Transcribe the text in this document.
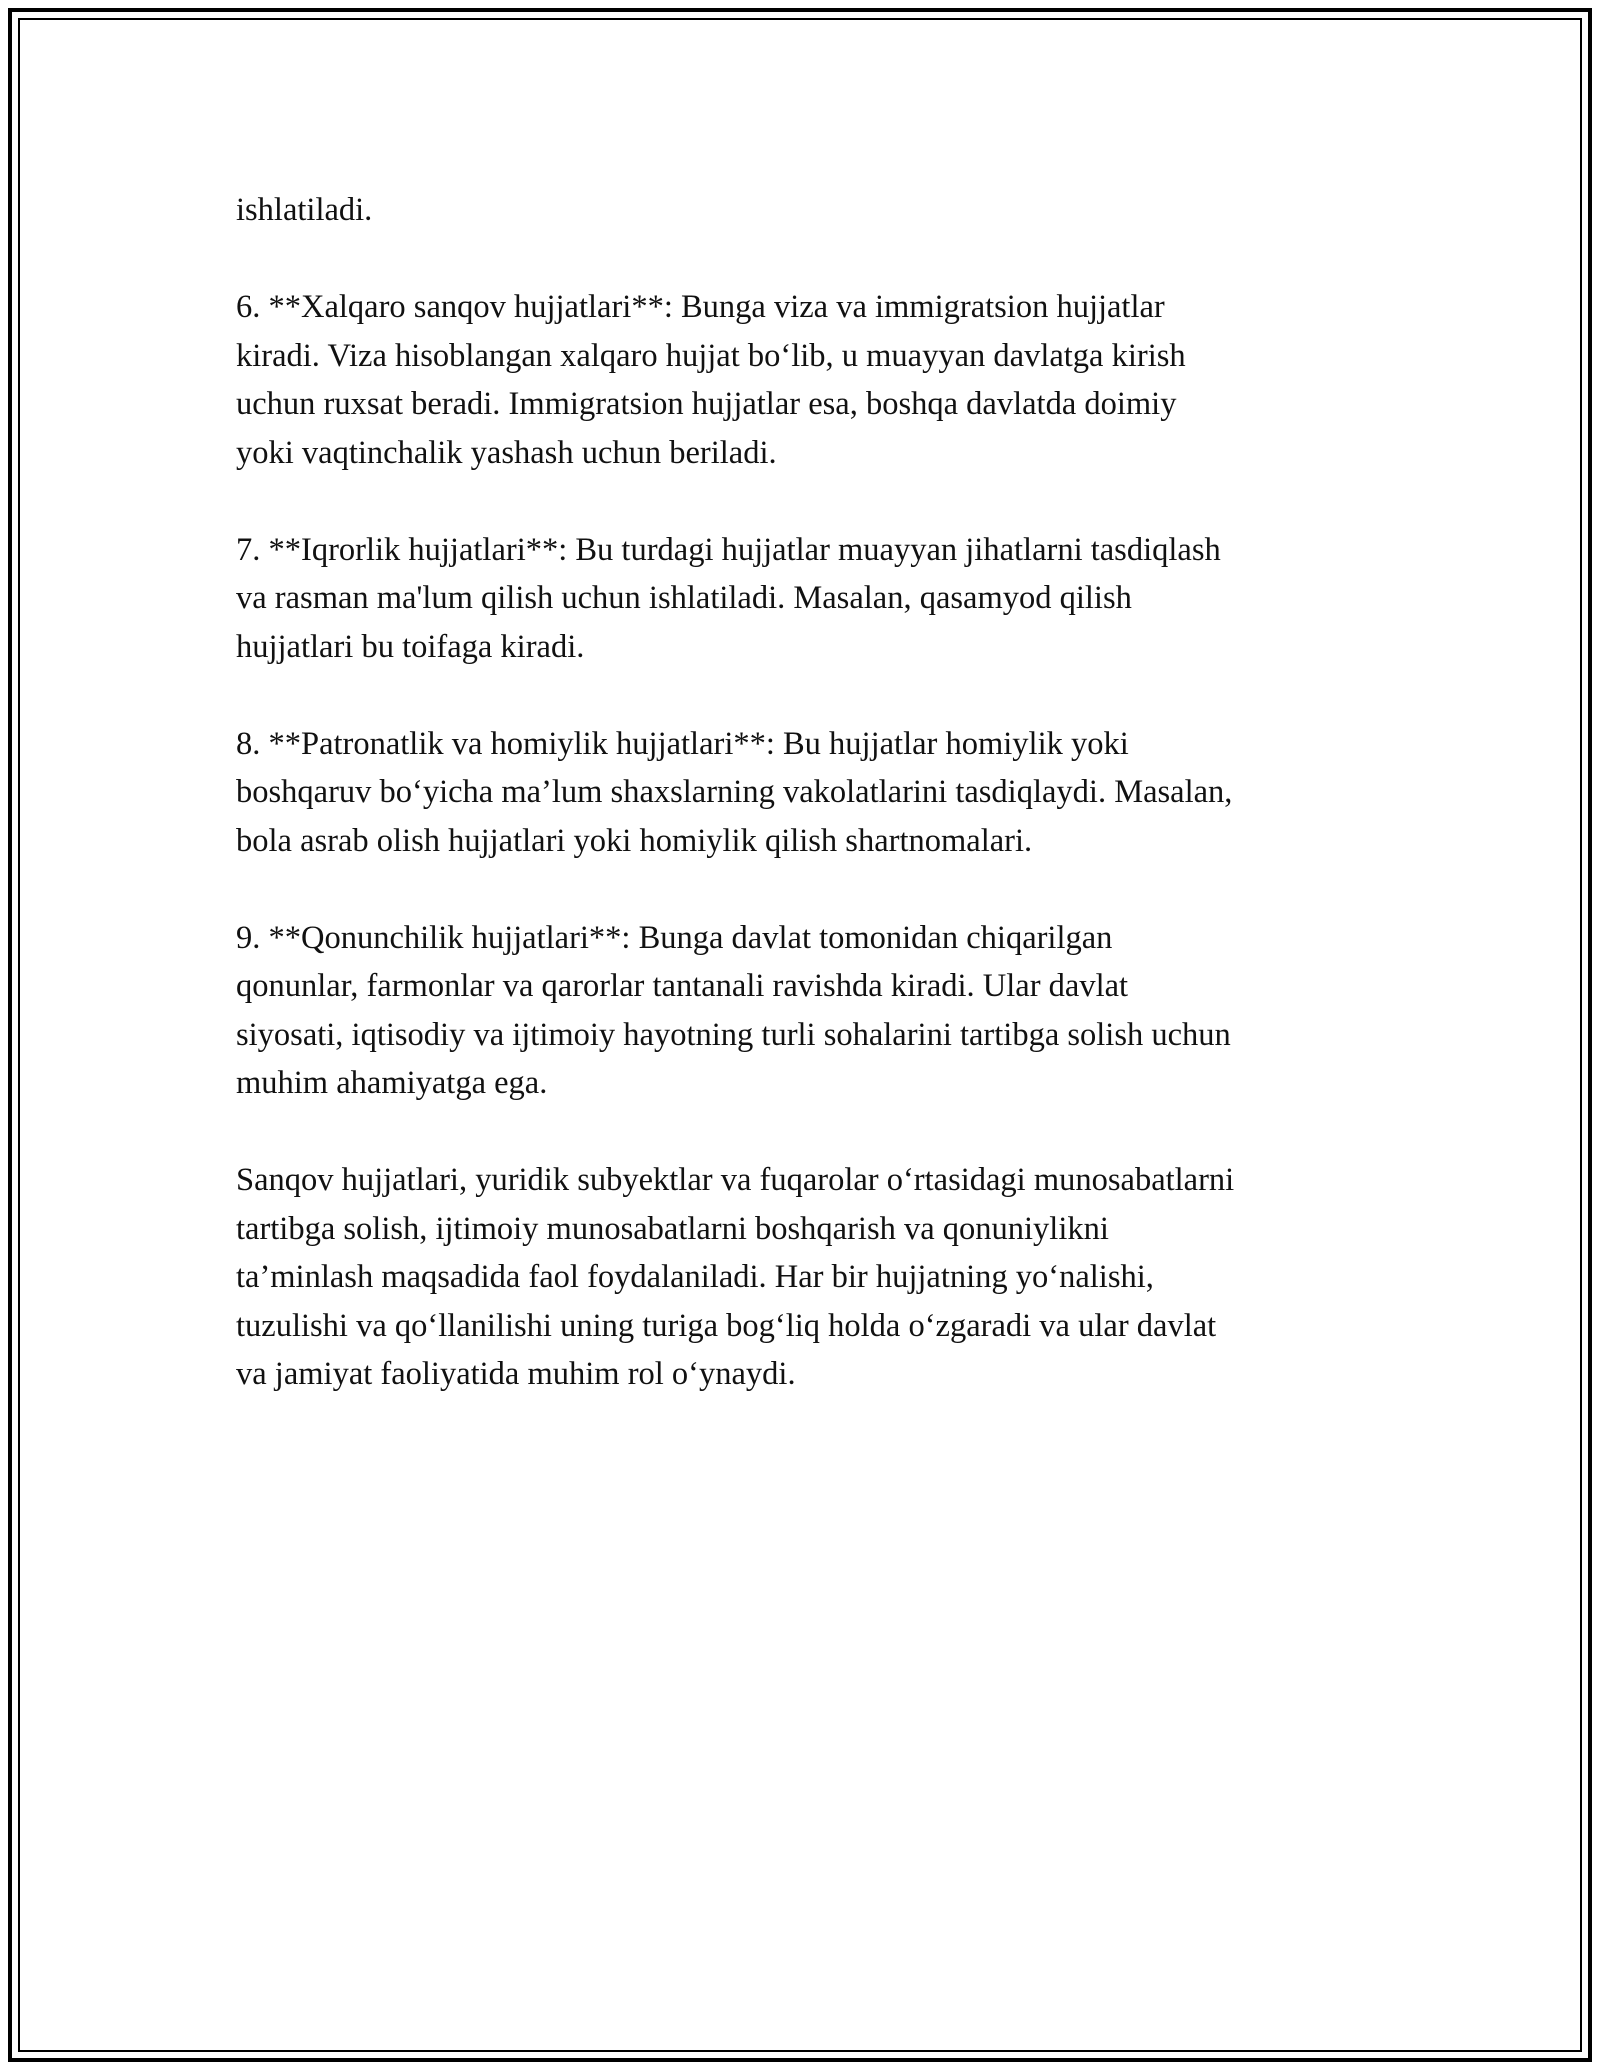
ishlatiladi.

6. **Xalqaro sanqov hujjatlari**: Bunga viza va immigratsion hujjatlar
kiradi. Viza hisoblangan xalqaro hujjat bo‘lib, u muayyan davlatga kirish
uchun ruxsat beradi. Immigratsion hujjatlar esa, boshqa davlatda doimiy
yoki vaqtinchalik yashash uchun beriladi.

7. **Iqrorlik hujjatlari**: Bu turdagi hujjatlar muayyan jihatlarni tasdiqlash
va rasman ma'lum qilish uchun ishlatiladi. Masalan, qasamyod qilish
hujjatlari bu toifaga kiradi.

8. **Patronatlik va homiylik hujjatlari**: Bu hujjatlar homiylik yoki
boshqaruv bo‘yicha ma’lum shaxslarning vakolatlarini tasdiqlaydi. Masalan,
bola asrab olish hujjatlari yoki homiylik qilish shartnomalari.

9. **Qonunchilik hujjatlari**: Bunga davlat tomonidan chiqarilgan
qonunlar, farmonlar va qarorlar tantanali ravishda kiradi. Ular davlat
siyosati, iqtisodiy va ijtimoiy hayotning turli sohalarini tartibga solish uchun
muhim ahamiyatga ega.

Sanqov hujjatlari, yuridik subyektlar va fuqarolar o‘rtasidagi munosabatlarni
tartibga solish, ijtimoiy munosabatlarni boshqarish va qonuniylikni
ta’minlash maqsadida faol foydalaniladi. Har bir hujjatning yo‘nalishi,
tuzulishi va qo‘llanilishi uning turiga bog‘liq holda o‘zgaradi va ular davlat
va jamiyat faoliyatida muhim rol o‘ynaydi.
